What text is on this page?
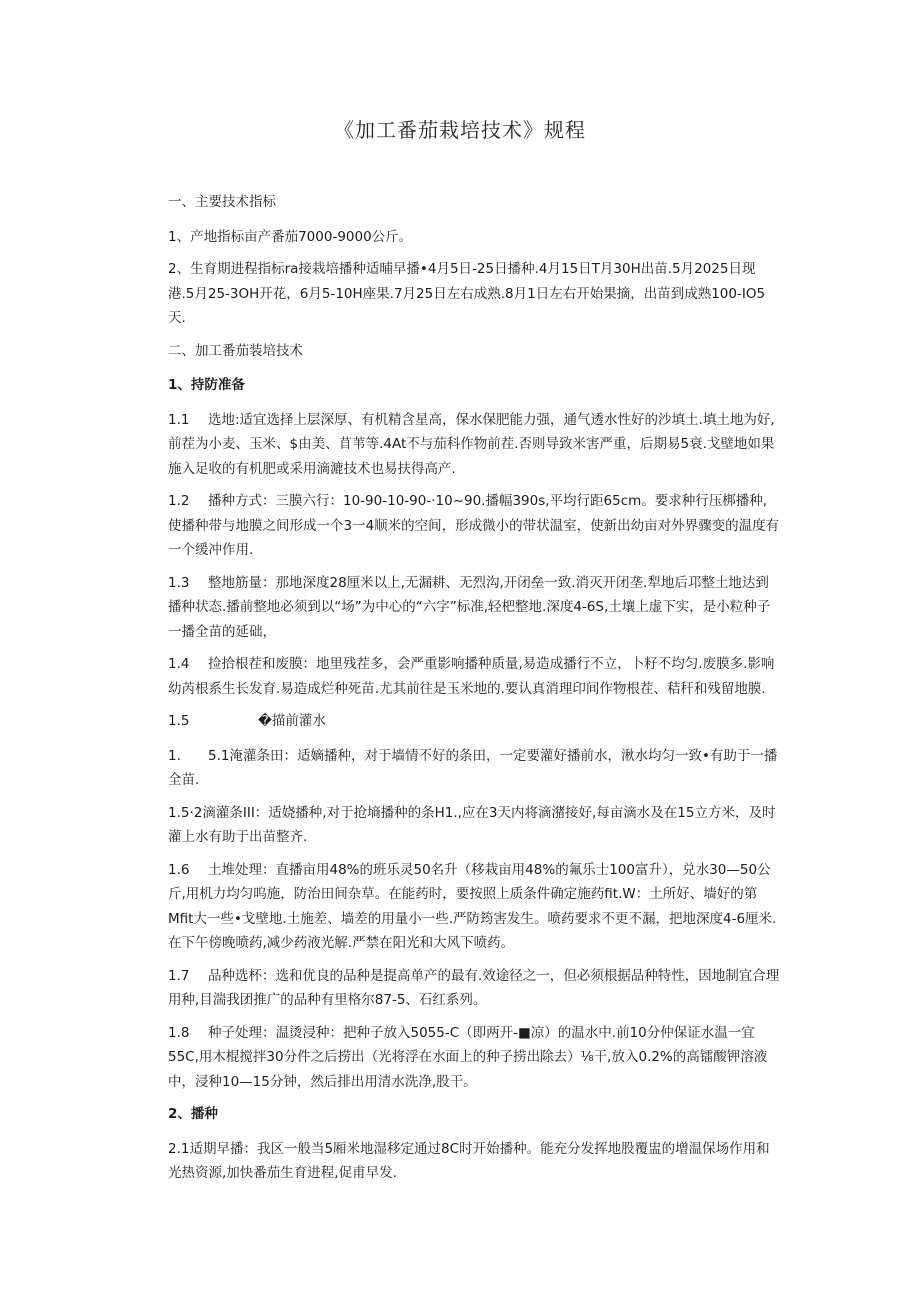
《加工番茄栽培技术》规程

一、主要技术指标

1、产地指标亩产番茄7000-9000公斤。

2、生育期进程指标ra接栽培播种适晡早播•4月5日-25日播种.4月15日T月30H出苗.5月2025日现港.5月25-3OH开花，6月5-10H座果.7月25日左右成熟.8月1日左右开始果摘，出苗到成熟100-IO5天.

二、加工番茄装培技术

1、持防准备

1.1 选地:适宜选择上层深厚、有机精含星高，保水保肥能力强，通气透水性好的沙填土.填土地为好,前茬为小麦、玉米、$由美、苜苇等.4At不与茄科作物前茬.否则导致米害严重，后期易5衰.戈壁地如果施入足收的有机肥或采用滴漉技术也易扶得高产.

1.2 播种方式：三膜六行：10-90-10-90-·10~90.播幅390s,平均行距65cm。要求种行压梆播种,使播种带与地膜之间形成一个3一4顺米的空间，形成微小的带状温室，使新出幼亩对外界骤变的温度有一个缓冲作用.

1.3 整地筋量：那地深度28厘米以上,无漏耕、无烈沟,开闭垒一致.消灭开闭垄.犁地后邛整土地达到播种状态.播前整地必须到以“场”为中心的“六字”标准,轻杷整地.深度4-6S,土壤上虚下实，是小粒种子一播全苗的延础，

1.4 捡拾根茬和废膜：地里残茬多，会严重影响播种质量,易造成播行不立，卜籽不均匀.废膜多.影响幼芮根系生长发育.易造成烂种死苗.尤其前往是玉米地的.要认真消理印间作物根茬、秸秆和残留地膜.

1.5	�描前灌水

1. 5.1淹灌条田：适嫡播种，对于墙情不好的条田，一定要灌好播前水，湫水均匀一致•有助于一播全苗.

1.5·2滴灌条III：适娆播种,对于抢墒播种的条H1.,应在3天内将滴潴接好,每亩滴水及在15立方米，及时灌上水有助于出苗整齐.

1.6 土堆处理：直播亩用48%的班乐灵50名升（移栽亩用48%的氟乐士100富升），兑水30—50公斤,用机力均匀呜施，防治田间杂草。在能药时，要按照上质条件确定施药fit.W：土所好、墙好的第Mfit大一些•戈壁地.土施差、墙差的用量小一些.严防筠害发生。喷药要求不更不漏，把地深度4-6厘米.在下午傍晚喷药,减少药液光解.严禁在阳光和大风下喷药。

1.7 品种选杯：选和优良的品种是提高单产的最有.效途径之一，但必须根据品种特性，因地制宜合理用种,目湍我团推广的品种有里格尔87-5、石红系列。

1.8 种子处理：温烫浸种：把种子放入5055-C（即两开-■凉）的温水中.前10分仲保证水温一宜55C,用木棍搅拌30分件之后捞出（光将浮在水面上的种子捞出除去）⅛干,放入0.2%的高镭酸钾溶液中，浸种10—15分钟，然后排出用清水洗净,股干。

2、播种

2.1适期早播：我区一般当5厢米地湿移定通过8C时开始播种。能充分发挥地股覆盅的增温保场作用和光热资源,加快番茄生育进程,促甫早发.
